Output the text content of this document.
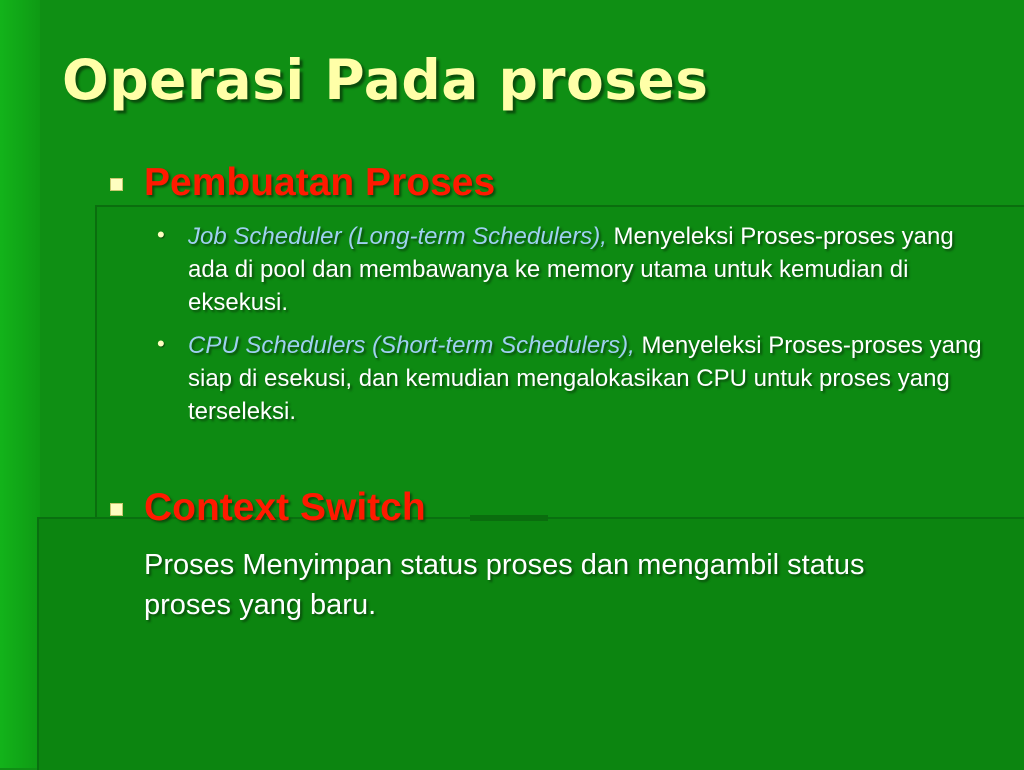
Operasi Pada proses
Pembuatan Proses
• Job Scheduler (Long-term Schedulers), Menyeleksi Proses-proses yang ada di pool dan membawanya ke memory utama untuk kemudian di eksekusi.

• CPU Schedulers (Short-term Schedulers), Menyeleksi Proses-proses yang siap di esekusi, dan kemudian mengalokasikan CPU untuk proses yang terseleksi.

Context Switch

Proses Menyimpan status proses dan mengambil status proses yang baru.
